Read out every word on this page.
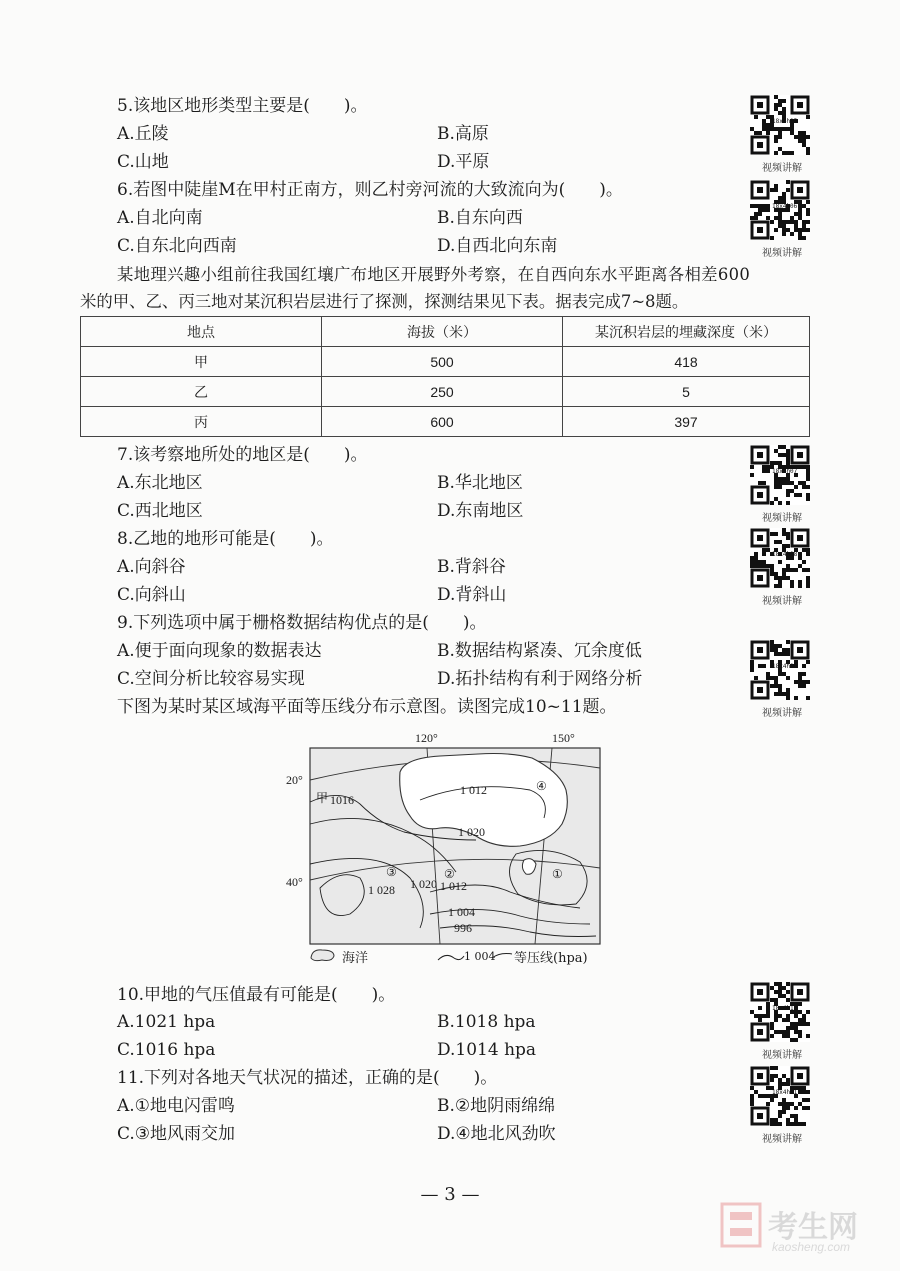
5.该地区地形类型主要是(　　)。
A.丘陵	B.高原
C.山地	D.平原
6.若图中陡崖M在甲村正南方，则乙村旁河流的大致流向为(　　)。
A.自北向南	B.自东向西
C.自东北向西南	D.自西北向东南
某地理兴趣小组前往我国红壤广布地区开展野外考察，在自西向东水平距离各相差600
米的甲、乙、丙三地对某沉积岩层进行了探测，探测结果见下表。据表完成7~8题。
地点	海拔（米）	某沉积岩层的埋藏深度（米）
甲	500	418
乙	250	5
丙	600	397
7.该考察地所处的地区是(　　)。
A.东北地区	B.华北地区
C.西北地区	D.东南地区
8.乙地的地形可能是(　　)。
A.向斜谷	B.背斜谷
C.向斜山	D.背斜山
9.下列选项中属于栅格数据结构优点的是(　　)。
A.便于面向现象的数据表达	B.数据结构紧凑、冗余度低
C.空间分析比较容易实现	D.拓扑结构有利于网络分析
下图为某时某区域海平面等压线分布示意图。读图完成10~11题。
120°	150°
20°
40°
1 012
1016
1 020
1 028 1 020 1 012
1 004
996
甲
①
②
③
④
海洋	1 004 等压线(hpa)
10.甲地的气压值最有可能是(　　)。
A.1021 hpa	B.1018 hpa
C.1016 hpa	D.1014 hpa
11.下列对各地天气状况的描述，正确的是(　　)。
A.①地电闪雷鸣	B.②地阴雨绵绵
C.③地风雨交加	D.④地北风劲吹
18x4h05
视频讲解
18x4h06
视频讲解
18x4h07
视频讲解
18x4h08
视频讲解
18x4h09
视频讲解
18x4h10
视频讲解
18x4h11
视频讲解
— 3 —
考生网
kaosheng.com
